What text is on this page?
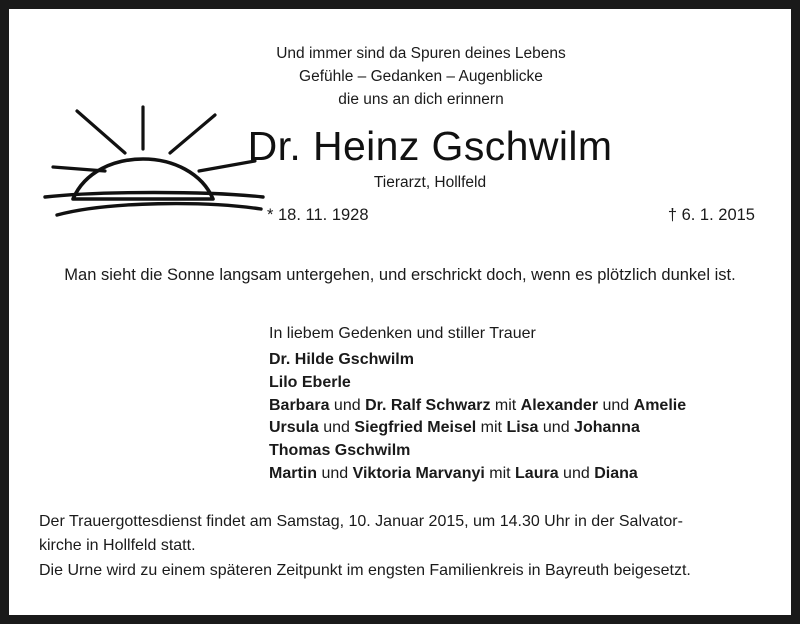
Und immer sind da Spuren deines Lebens
Gefühle – Gedanken – Augenblicke
die uns an dich erinnern
Dr. Heinz Gschwilm
Tierarzt, Hollfeld
* 18. 11. 1928	† 6. 1. 2015
Man sieht die Sonne langsam untergehen, und erschrickt doch, wenn es plötzlich dunkel ist.
In liebem Gedenken und stiller Trauer
Dr. Hilde Gschwilm
Lilo Eberle
Barbara und Dr. Ralf Schwarz mit Alexander und Amelie
Ursula und Siegfried Meisel mit Lisa und Johanna
Thomas Gschwilm
Martin und Viktoria Marvanyi mit Laura und Diana
Der Trauergottesdienst findet am Samstag, 10. Januar 2015, um 14.30 Uhr in der Salvator-
kirche in Hollfeld statt.
Die Urne wird zu einem späteren Zeitpunkt im engsten Familienkreis in Bayreuth beigesetzt.
